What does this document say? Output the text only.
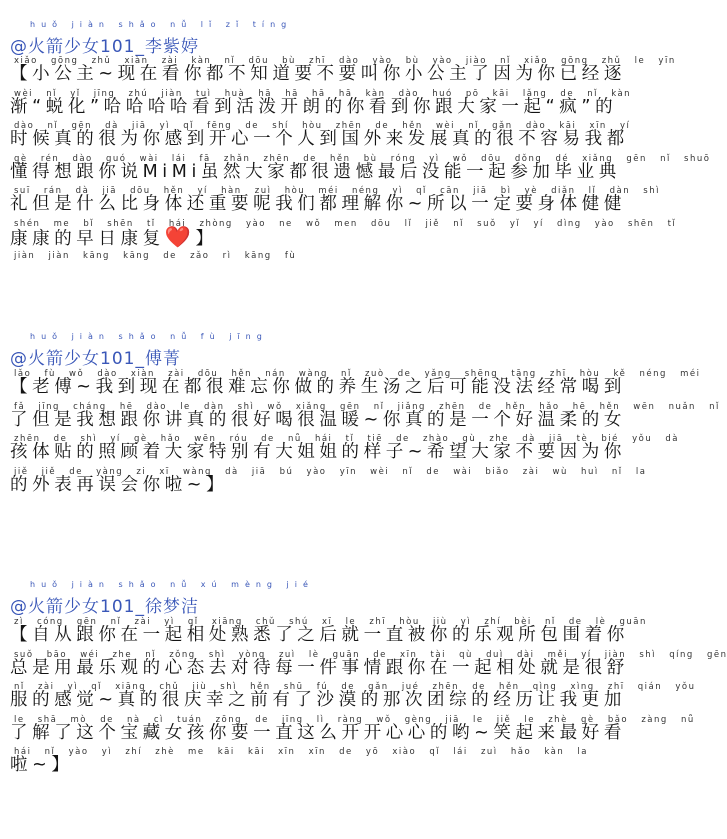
huǒ jiàn shǎo nǚ lǐ zǐ tíng
@火箭少女101_李紫婷
xiǎo gōng zhǔ xiàn zài kàn nǐ dōu bù zhī dào yào bù yào jiào nǐ xiǎo gōng zhǔ le yīn
wèi nǐ yǐ jīng zhú jiàn tuì huà hā hā hā hā kàn dào huó pō kāi lǎng de nǐ kàn
dào nǐ gēn dà jiā yì qǐ fēng de shí hòu zhēn de hěn wèi nǐ gǎn dào kāi xīn yí
gè rén dào guó wài lái fā zhǎn zhēn de hěn bù róng yì wǒ dōu dǒng dé xiǎng gēn nǐ shuō
suī rán dà jiā dōu hěn yí hàn zuì hòu méi néng yì qǐ cān jiā bì yè diǎn lǐ dàn shì
shén me bǐ shēn tǐ hái zhòng yào ne wǒ men dōu lǐ jiě nǐ suǒ yǐ yí dìng yào shēn tǐ
jiàn jiàn kāng kāng de zǎo rì kāng fù
【小公主~现在看你都不知道要不要叫你小公主了因为你已经逐渐“蜕化”哈哈哈哈看到活泼开朗的你看到你跟大家一起“疯”的时候真的很为你感到开心一个人到国外来发展真的很不容易我都懂得想跟你说MiMi虽然大家都很遗憾最后没能一起参加毕业典礼但是什么比身体还重要呢我们都理解你~所以一定要身体健健康康的早日康复❤️】
huǒ jiàn shǎo nǚ fù jīng
@火箭少女101_傅菁
lǎo fù wǒ dào xiàn zài dōu hěn nán wàng nǐ zuò de yǎng shēng tāng zhī hòu kě néng méi
fǎ jīng cháng hē dào le dàn shì wǒ xiǎng gēn nǐ jiǎng zhēn de hěn hǎo hē hěn wēn nuǎn nǐ
zhēn de shì yí gè hǎo wēn róu de nǚ hái tǐ tiē de zhào gù zhe dà jiā tè bié yǒu dà
jiě jiě de yàng zi xī wàng dà jiā bú yào yīn wèi nǐ de wài biǎo zài wù huì nǐ la
【老傅~我到现在都很难忘你做的养生汤之后可能没法经常喝到了但是我想跟你讲真的很好喝很温暖~你真的是一个好温柔的女孩体贴的照顾着大家特别有大姐姐的样子~希望大家不要因为你的外表再误会你啦~】
huǒ jiàn shǎo nǚ xú mèng jié
@火箭少女101_徐梦洁
zì cóng gēn nǐ zài yì qǐ xiāng chǔ shú xī le zhī hòu jiù yì zhí bèi nǐ de lè guān
suǒ bāo wéi zhe nǐ zǒng shì yòng zuì lè guān de xīn tài qù duì dài měi yí jiàn shì qíng gēn
nǐ zài yì qǐ xiāng chǔ jiù shì hěn shū fú de gǎn jué zhēn de hěn qìng xìng zhī qián yǒu
le shā mò de nà cì tuán zōng de jīng lì ràng wǒ gèng jiā le jiě le zhè gè bǎo zàng nǚ
hái nǐ yào yì zhí zhè me kāi kāi xīn xīn de yō xiào qǐ lái zuì hǎo kàn la
【自从跟你在一起相处熟悉了之后就一直被你的乐观所包围着你总是用最乐观的心态去对待每一件事情跟你在一起相处就是很舒服的感觉~真的很庆幸之前有了沙漠的那次团综的经历让我更加了解了这个宝藏女孩你要一直这么开开心心的哟~笑起来最好看啦~】
